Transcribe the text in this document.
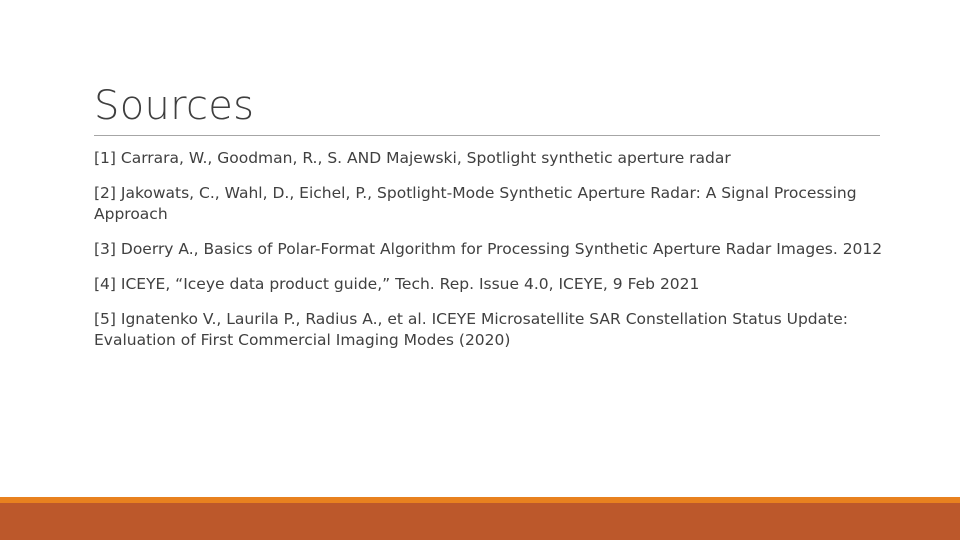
Sources
[1] Carrara, W., Goodman, R., S. AND Majewski, Spotlight synthetic aperture radar
[2] Jakowats, C., Wahl, D., Eichel, P., Spotlight-Mode Synthetic Aperture Radar: A Signal Processing Approach
[3] Doerry A., Basics of Polar-Format Algorithm for Processing Synthetic Aperture Radar Images. 2012
[4] ICEYE, “Iceye data product guide,” Tech. Rep. Issue 4.0, ICEYE, 9 Feb 2021
[5] Ignatenko V., Laurila P., Radius A., et al. ICEYE Microsatellite SAR Constellation Status Update: Evaluation of First Commercial Imaging Modes (2020)
